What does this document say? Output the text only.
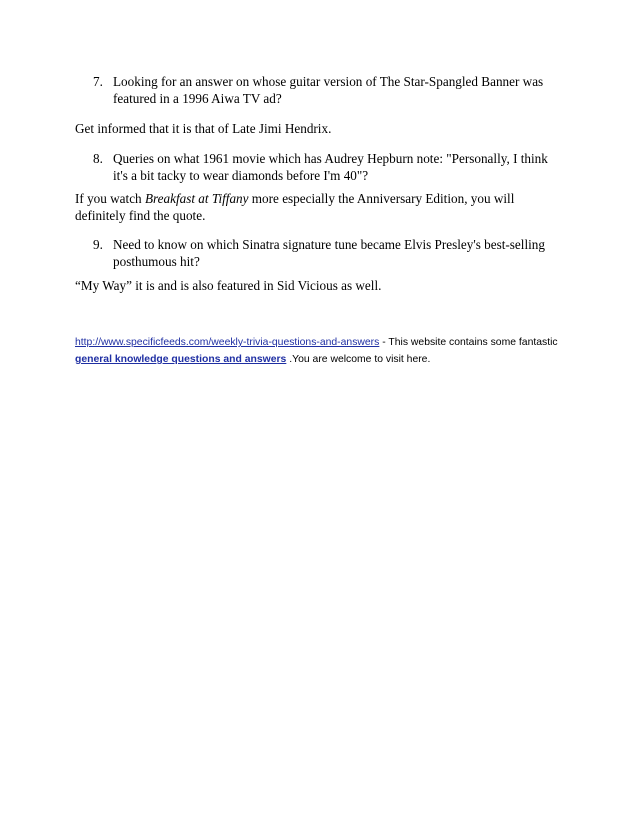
7. Looking for an answer on whose guitar version of The Star-Spangled Banner was featured in a 1996 Aiwa TV ad?

Get informed that it is that of Late Jimi Hendrix.

8. Queries on what 1961 movie which has Audrey Hepburn note: "Personally, I think it's a bit tacky to wear diamonds before I'm 40"?

If you watch Breakfast at Tiffany more especially the Anniversary Edition, you will definitely find the quote.

9. Need to know on which Sinatra signature tune became Elvis Presley's best-selling posthumous hit?

“My Way” it is and is also featured in Sid Vicious as well.

http://www.specificfeeds.com/weekly-trivia-questions-and-answers - This website contains some fantastic general knowledge questions and answers .You are welcome to visit here.
